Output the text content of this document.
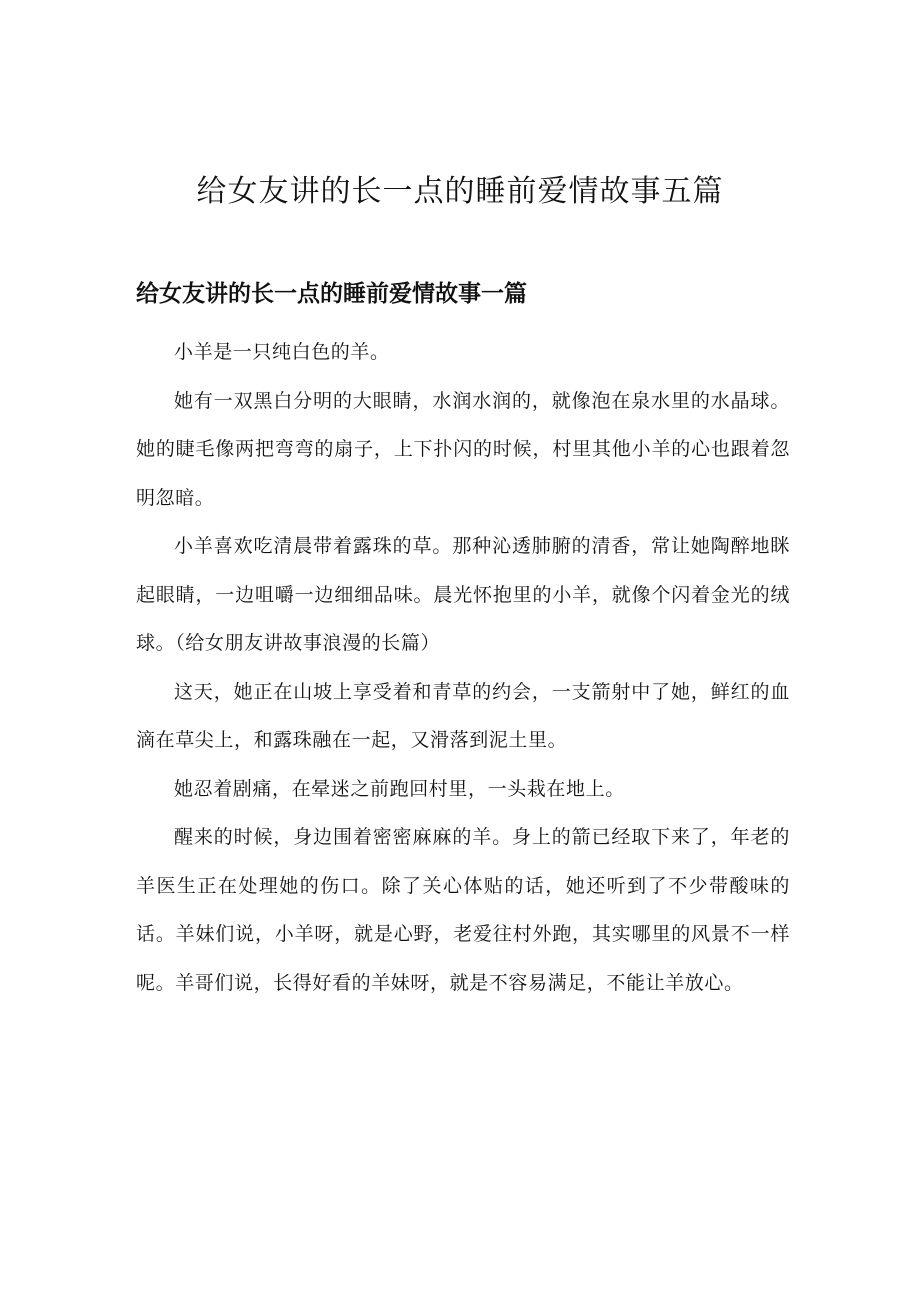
给女友讲的长一点的睡前爱情故事五篇
给女友讲的长一点的睡前爱情故事一篇

小羊是一只纯白色的羊。

她有一双黑白分明的大眼睛，水润水润的，就像泡在泉水里的水晶球。她的睫毛像两把弯弯的扇子，上下扑闪的时候，村里其他小羊的心也跟着忽明忽暗。

小羊喜欢吃清晨带着露珠的草。那种沁透肺腑的清香，常让她陶醉地眯起眼睛，一边咀嚼一边细细品味。晨光怀抱里的小羊，就像个闪着金光的绒球。（给女朋友讲故事浪漫的长篇）

这天，她正在山坡上享受着和青草的约会，一支箭射中了她，鲜红的血滴在草尖上，和露珠融在一起，又滑落到泥土里。

她忍着剧痛，在晕迷之前跑回村里，一头栽在地上。

醒来的时候，身边围着密密麻麻的羊。身上的箭已经取下来了，年老的羊医生正在处理她的伤口。除了关心体贴的话，她还听到了不少带酸味的话。羊妹们说，小羊呀，就是心野，老爱往村外跑，其实哪里的风景不一样呢。羊哥们说，长得好看的羊妹呀，就是不容易满足，不能让羊放心。
